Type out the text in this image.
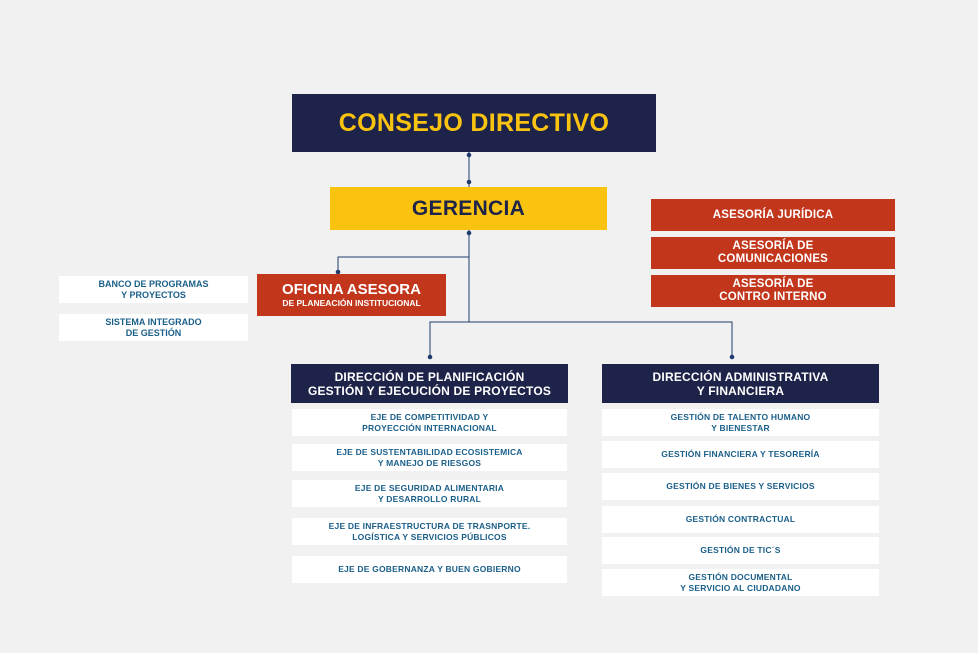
CONSEJO DIRECTIVO
GERENCIA	ASESORÍA JURÍDICA
ASESORÍA DE
COMUNICACIONES
ASESORÍA DE
CONTRO INTERNO
OFICINA ASESORA
DE PLANEACIÓN INSTITUCIONAL
BANCO DE PROGRAMAS
Y PROYECTOS
SISTEMA INTEGRADO
DE GESTIÓN
DIRECCIÓN DE PLANIFICACIÓN
GESTIÓN Y EJECUCIÓN DE PROYECTOS
EJE DE COMPETITIVIDAD Y
PROYECCIÓN INTERNACIONAL
EJE DE SUSTENTABILIDAD ECOSISTEMICA
Y MANEJO DE RIESGOS
EJE DE SEGURIDAD ALIMENTARIA
Y DESARROLLO RURAL
EJE DE INFRAESTRUCTURA DE TRASNPORTE.
LOGÍSTICA Y SERVICIOS PÚBLICOS
EJE DE GOBERNANZA Y BUEN GOBIERNO
DIRECCIÓN ADMINISTRATIVA
Y FINANCIERA
GESTIÓN DE TALENTO HUMANO
Y BIENESTAR
GESTIÓN FINANCIERA Y TESORERÍA
GESTIÓN DE BIENES Y SERVICIOS
GESTIÓN CONTRACTUAL
GESTIÓN DE TIC´S
GESTIÓN DOCUMENTAL
Y SERVICIO AL CIUDADANO
